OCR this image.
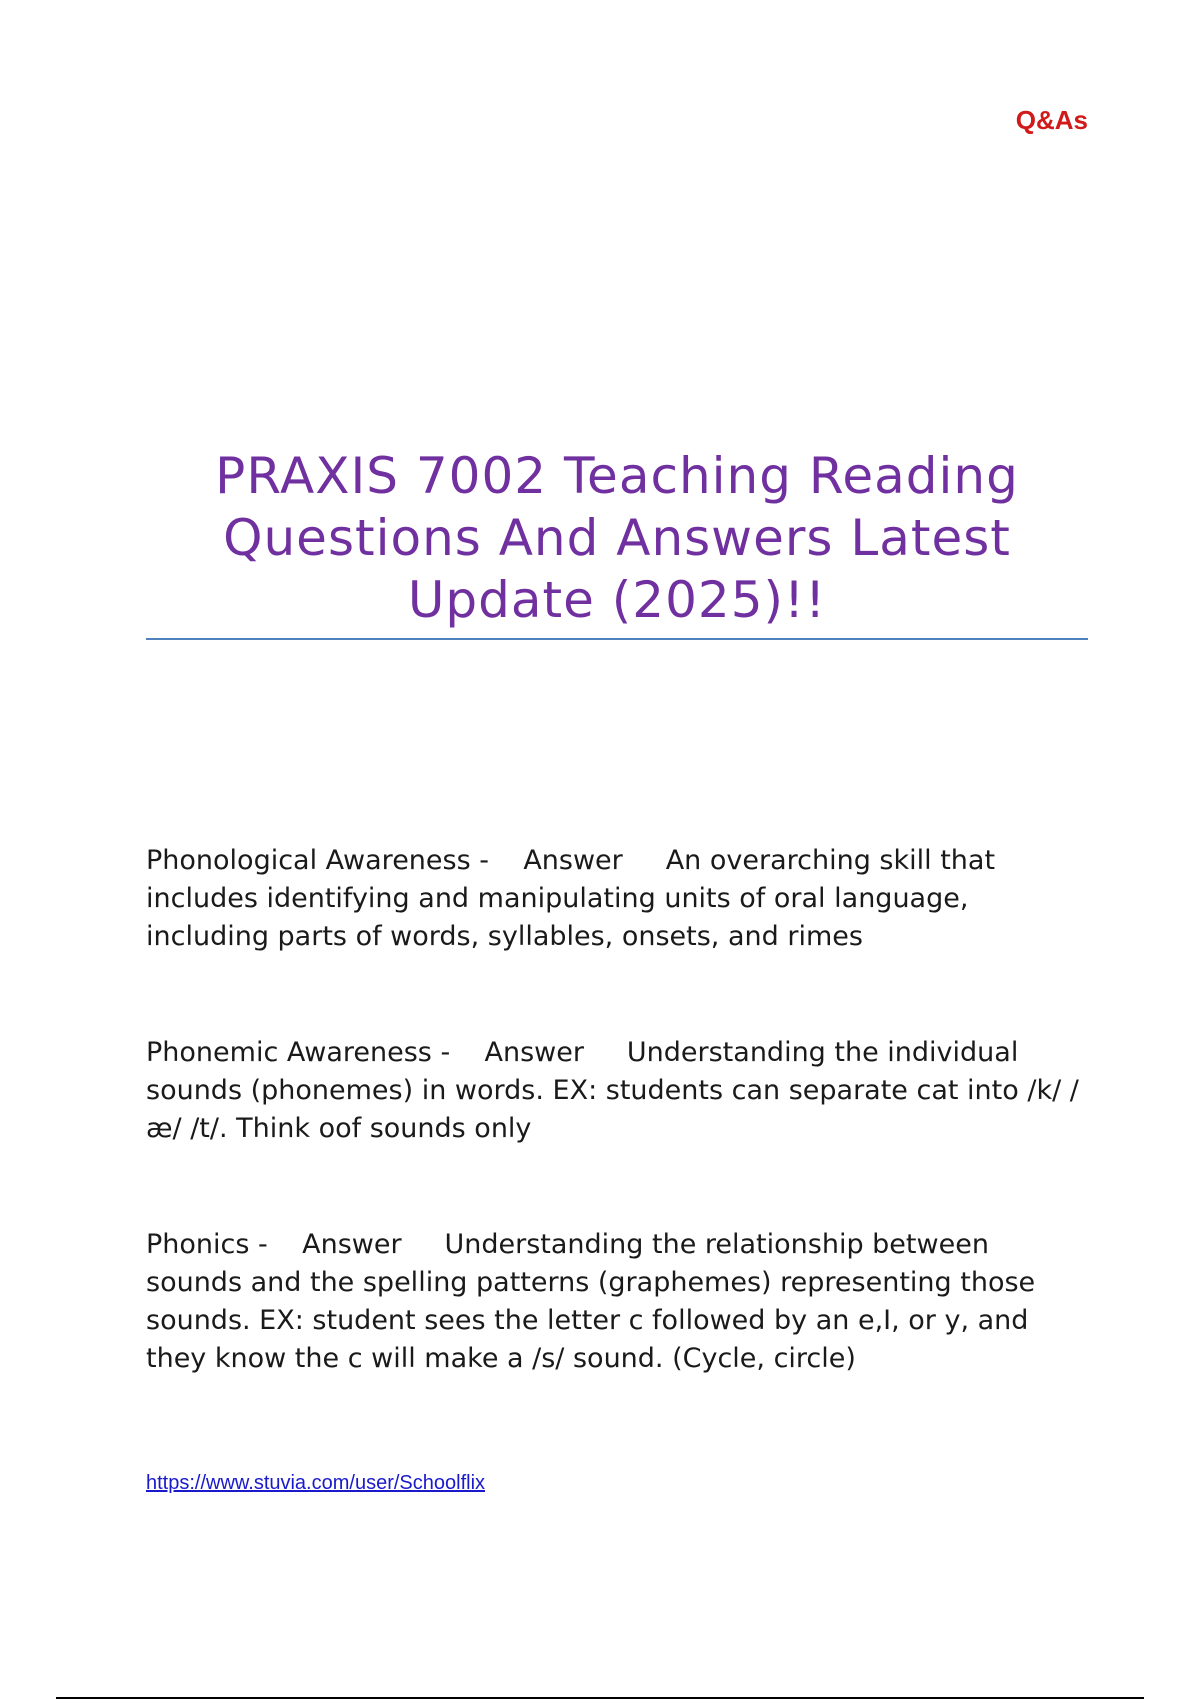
Q&As
PRAXIS 7002 Teaching Reading
Questions And Answers Latest
Update (2025)!!

Phonological Awareness -    Answer An overarching skill that includes identifying and manipulating units of oral language, including parts of words, syllables, onsets, and rimes

Phonemic Awareness -    Answer Understanding the individual sounds (phonemes) in words. EX: students can separate cat into /k/ /æ/ /t/. Think oof sounds only

Phonics -    Answer Understanding the relationship between sounds and the spelling patterns (graphemes) representing those sounds. EX: student sees the letter c followed by an e,I, or y, and they know the c will make a /s/ sound. (Cycle, circle)

https://www.stuvia.com/user/Schoolflix
